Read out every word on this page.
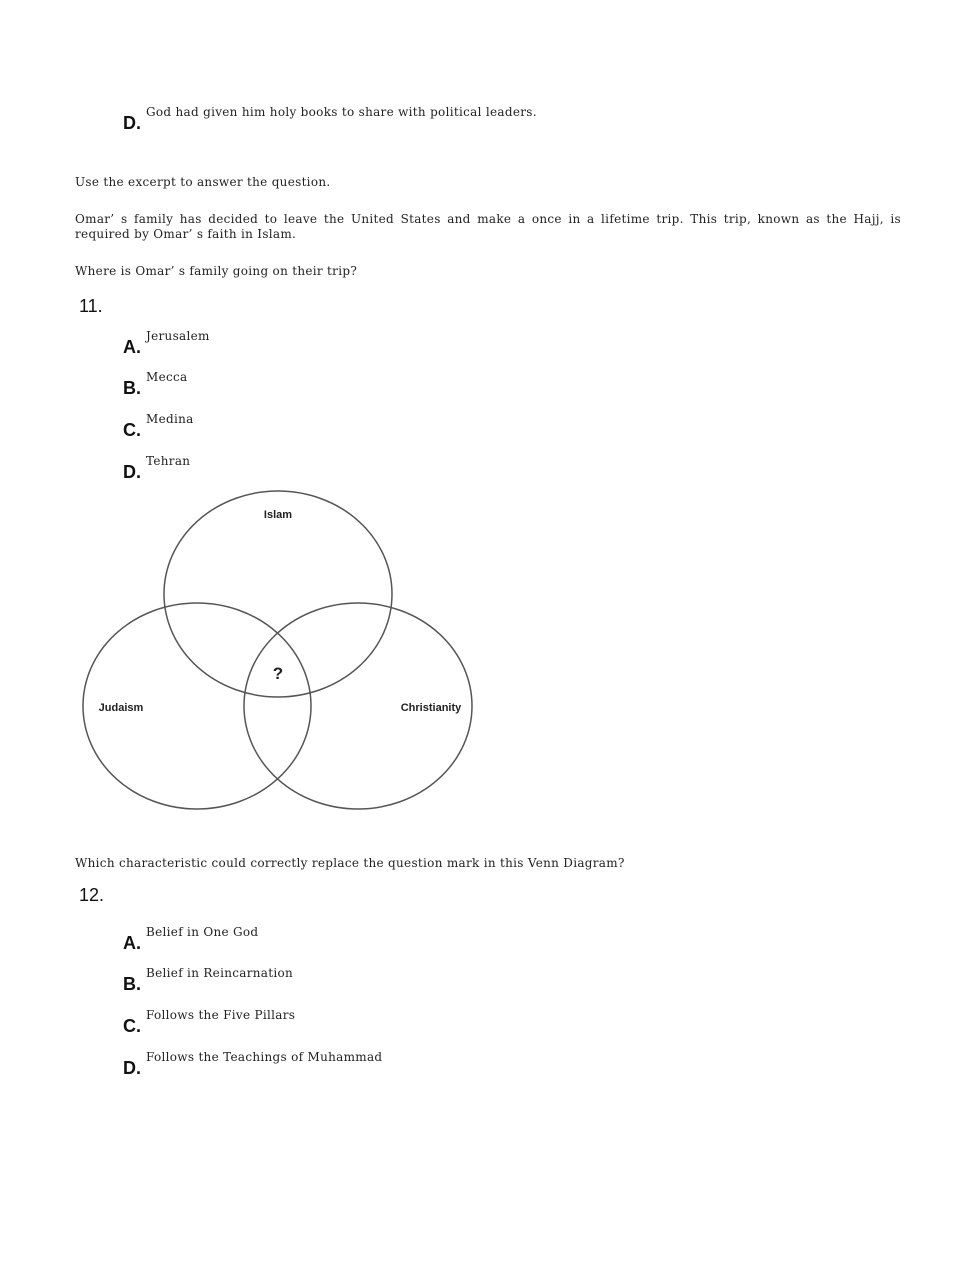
D.
God had given him holy books to share with political leaders.
Use the excerpt to answer the question.
Omar’ s family has decided to leave the United States and make a once in a lifetime trip. This trip, known as the Hajj, is required by Omar’ s faith in Islam.
Where is Omar’ s family going on their trip?
11.
A.
Jerusalem
B.
Mecca
C.
Medina
D.
Tehran
Islam
Judaism	Christianity
?
Which characteristic could correctly replace the question mark in this Venn Diagram?
12.
A.
Belief in One God
B.
Belief in Reincarnation
C.
Follows the Five Pillars
D.
Follows the Teachings of Muhammad
